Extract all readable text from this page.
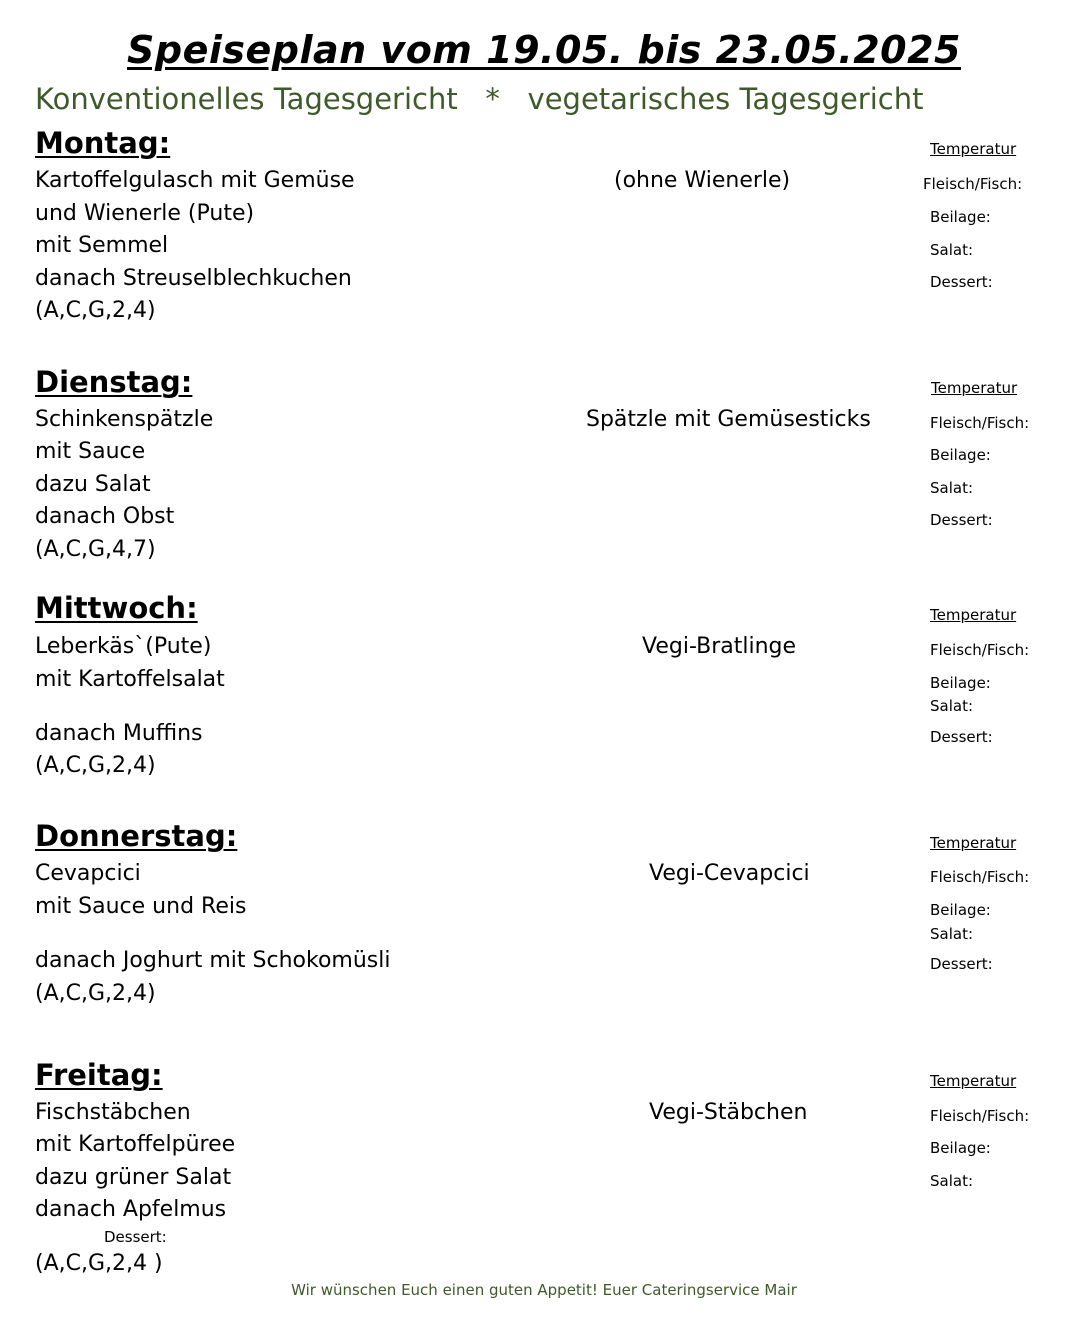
Speiseplan vom 19.05. bis 23.05.2025
Konventionelles Tagesgericht   *   vegetarisches Tagesgericht
Montag:
Kartoffelgulasch mit Gemüse
und Wienerle (Pute)
mit Semmel
danach Streuselblechkuchen
(A,C,G,2,4)
(ohne Wienerle)
Temperatur
Fleisch/Fisch:
Beilage:
Salat:
Dessert:
Dienstag:
Schinkenspätzle
mit Sauce
dazu Salat
danach Obst
(A,C,G,4,7)
Spätzle mit Gemüsesticks
Temperatur
Fleisch/Fisch:
Beilage:
Salat:
Dessert:
Mittwoch:
Leberkäs`(Pute)
mit Kartoffelsalat
danach Muffins
(A,C,G,2,4)
Vegi-Bratlinge
Temperatur
Fleisch/Fisch:
Beilage:
Salat:
Dessert:
Donnerstag:
Cevapcici
mit Sauce und Reis
danach Joghurt mit Schokomüsli
(A,C,G,2,4)
Vegi-Cevapcici
Temperatur
Fleisch/Fisch:
Beilage:
Salat:
Dessert:
Freitag:
Fischstäbchen
mit Kartoffelpüree
dazu grüner Salat
danach Apfelmus
Dessert:
(A,C,G,2,4 )
Vegi-Stäbchen
Temperatur
Fleisch/Fisch:
Beilage:
Salat:
Wir wünschen Euch einen guten Appetit! Euer Cateringservice Mair
